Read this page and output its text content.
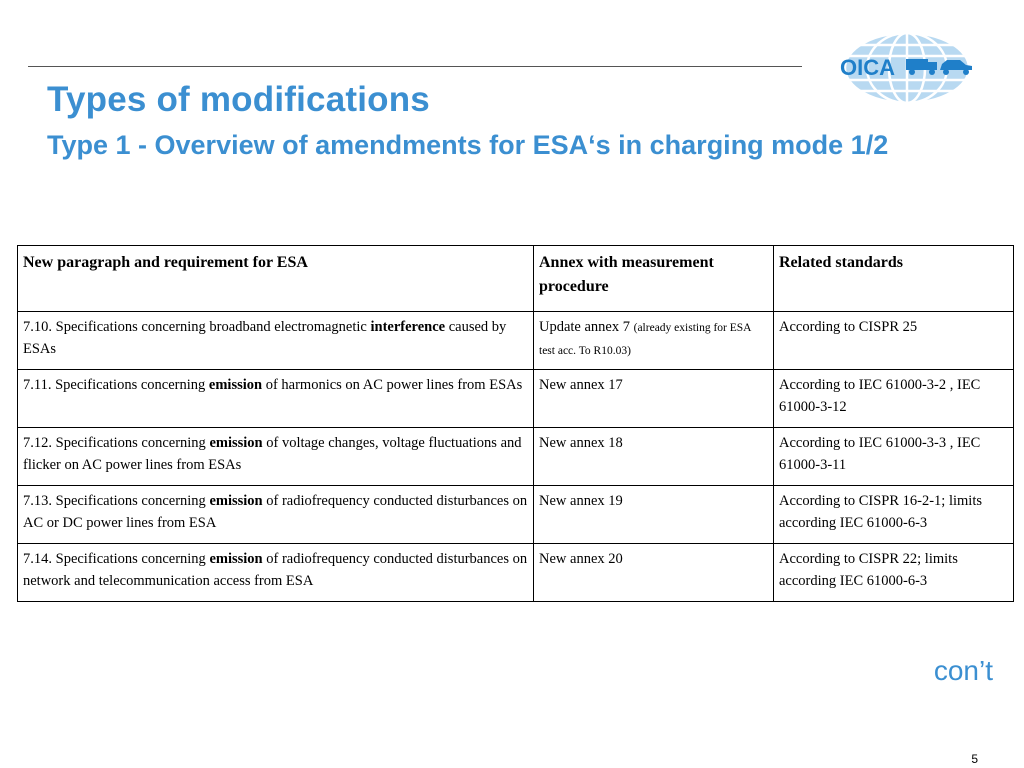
OICA
Types of modifications
Type 1 - Overview of amendments for ESA‘s in charging mode 1/2
New paragraph and requirement for ESA	Annex with measurement procedure	Related standards
7.10. Specifications concerning broadband electromagnetic interference caused by ESAs	Update annex 7 (already existing for ESA test acc. To R10.03)	According to CISPR 25
7.11. Specifications concerning emission of harmonics on AC power lines from ESAs	New annex 17	According to IEC 61000-3-2 , IEC 61000-3-12
7.12. Specifications concerning emission of voltage changes, voltage fluctuations and flicker on AC power lines from ESAs	New annex 18	According to IEC 61000-3-3 , IEC 61000-3-11
7.13. Specifications concerning emission of radiofrequency conducted disturbances on AC or DC power lines from ESA	New annex 19	According to CISPR 16-2-1; limits according IEC 61000-6-3
7.14. Specifications concerning emission of radiofrequency conducted disturbances on network and telecommunication access from ESA	New annex 20	According to CISPR 22; limits according IEC 61000-6-3
con’t
5
